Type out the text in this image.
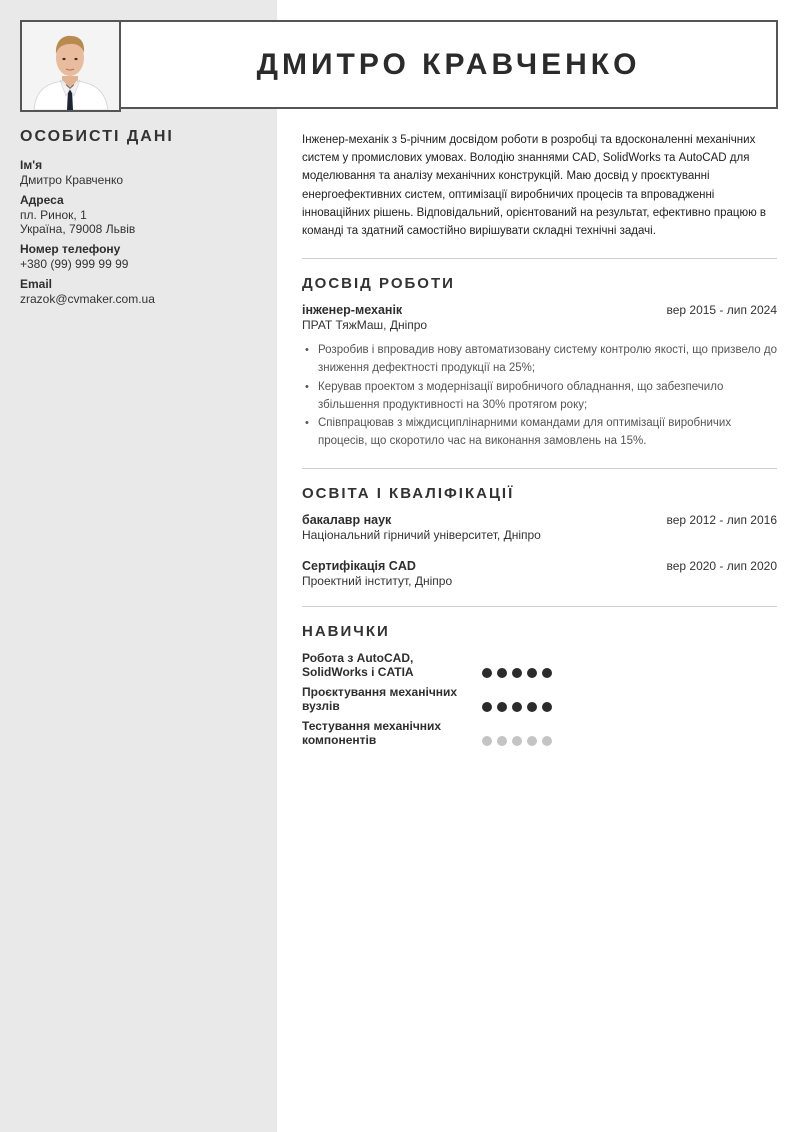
ДМИТРО КРАВЧЕНКО
ОСОБИСТІ ДАНІ
Ім'я
Дмитро Кравченко
Адреса
пл. Ринок, 1
Україна, 79008 Львів
Номер телефону
+380 (99) 999 99 99
Email
zrazok@cvmaker.com.ua

Інженер-механік з 5-річним досвідом роботи в розробці та вдосконаленні механічних систем у промислових умовах. Володію знаннями CAD, SolidWorks та AutoCAD для моделювання та аналізу механічних конструкцій. Маю досвід у проєктуванні енергоефективних систем, оптимізації виробничих процесів та впровадженні інноваційних рішень. Відповідальний, орієнтований на результат, ефективно працюю в команді та здатний самостійно вирішувати складні технічні задачі.

ДОСВІД РОБОТИ
інженер-механік	вер 2015 - лип 2024
ПРАТ ТяжМаш, Дніпро
• Розробив і впровадив нову автоматизовану систему контролю якості, що призвело до зниження дефектності продукції на 25%;
• Керував проектом з модернізації виробничого обладнання, що забезпечило збільшення продуктивності на 30% протягом року;
• Співпрацював з міждисциплінарними командами для оптимізації виробничих процесів, що скоротило час на виконання замовлень на 15%.
ОСВІТА І КВАЛІФІКАЦІЇ
бакалавр наук	вер 2012 - лип 2016
Національний гірничий університет, Дніпро
Сертифікація CAD	вер 2020 - лип 2020
Проектний інститут, Дніпро
НАВИЧКИ
Робота з AutoCAD,
SolidWorks і CATIA
Проєктування механічних
вузлів
Тестування механічних
компонентів
